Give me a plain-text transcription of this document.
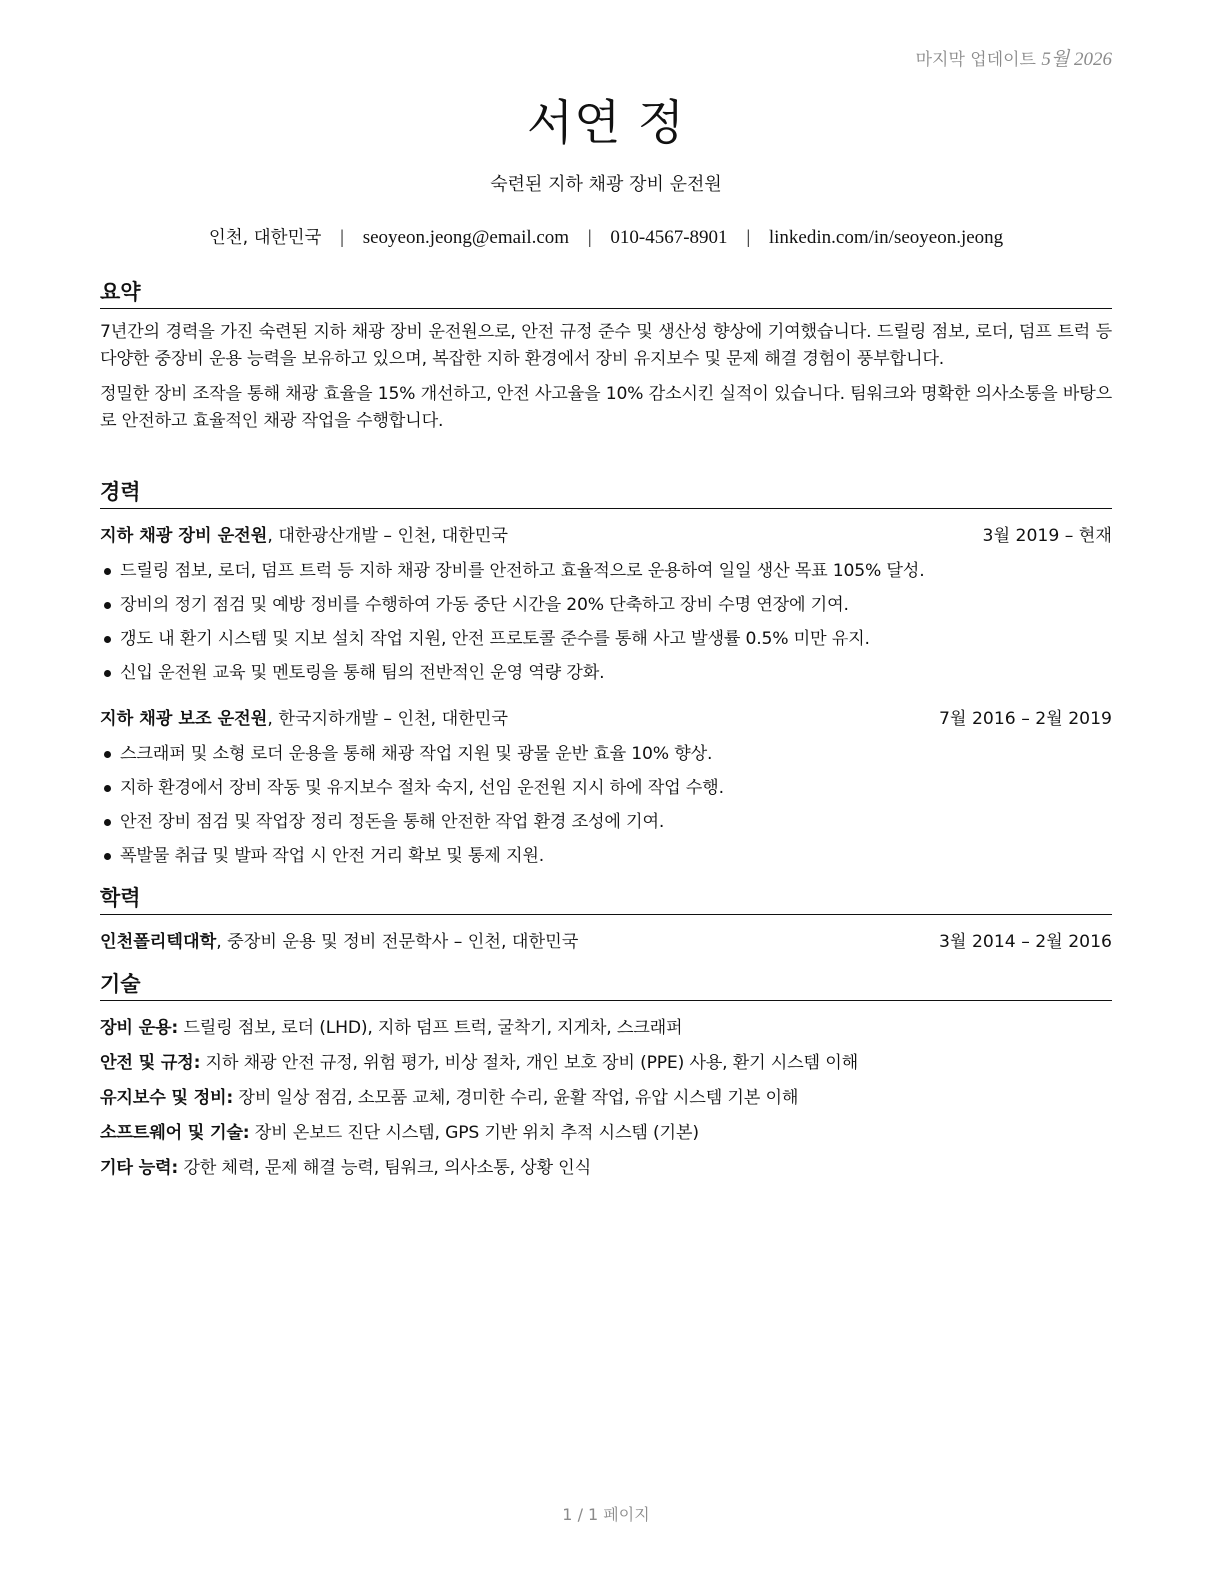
마지막 업데이트 5월 2026
서연 정
숙련된 지하 채광 장비 운전원
인천, 대한민국 | seoyeon.jeong@email.com | 010-4567-8901 | linkedin.com/in/seoyeon.jeong
요약

7년간의 경력을 가진 숙련된 지하 채광 장비 운전원으로, 안전 규정 준수 및 생산성 향상에 기여했습니다. 드릴링 점보, 로더, 덤프 트럭 등 다양한 중장비 운용 능력을 보유하고 있으며, 복잡한 지하 환경에서 장비 유지보수 및 문제 해결 경험이 풍부합니다.

정밀한 장비 조작을 통해 채광 효율을 15% 개선하고, 안전 사고율을 10% 감소시킨 실적이 있습니다. 팀워크와 명확한 의사소통을 바탕으로 안전하고 효율적인 채광 작업을 수행합니다.

경력
지하 채광 장비 운전원, 대한광산개발 – 인천, 대한민국	3월 2019 – 현재
드릴링 점보, 로더, 덤프 트럭 등 지하 채광 장비를 안전하고 효율적으로 운용하여 일일 생산 목표 105% 달성.
장비의 정기 점검 및 예방 정비를 수행하여 가동 중단 시간을 20% 단축하고 장비 수명 연장에 기여.
갱도 내 환기 시스템 및 지보 설치 작업 지원, 안전 프로토콜 준수를 통해 사고 발생률 0.5% 미만 유지.
신입 운전원 교육 및 멘토링을 통해 팀의 전반적인 운영 역량 강화.
지하 채광 보조 운전원, 한국지하개발 – 인천, 대한민국	7월 2016 – 2월 2019
스크래퍼 및 소형 로더 운용을 통해 채광 작업 지원 및 광물 운반 효율 10% 향상.
지하 환경에서 장비 작동 및 유지보수 절차 숙지, 선임 운전원 지시 하에 작업 수행.
안전 장비 점검 및 작업장 정리 정돈을 통해 안전한 작업 환경 조성에 기여.
폭발물 취급 및 발파 작업 시 안전 거리 확보 및 통제 지원.
학력
인천폴리텍대학, 중장비 운용 및 정비 전문학사 – 인천, 대한민국	3월 2014 – 2월 2016
기술
장비 운용: 드릴링 점보, 로더 (LHD), 지하 덤프 트럭, 굴착기, 지게차, 스크래퍼
안전 및 규정: 지하 채광 안전 규정, 위험 평가, 비상 절차, 개인 보호 장비 (PPE) 사용, 환기 시스템 이해
유지보수 및 정비: 장비 일상 점검, 소모품 교체, 경미한 수리, 윤활 작업, 유압 시스템 기본 이해
소프트웨어 및 기술: 장비 온보드 진단 시스템, GPS 기반 위치 추적 시스템 (기본)
기타 능력: 강한 체력, 문제 해결 능력, 팀워크, 의사소통, 상황 인식
1 / 1 페이지
